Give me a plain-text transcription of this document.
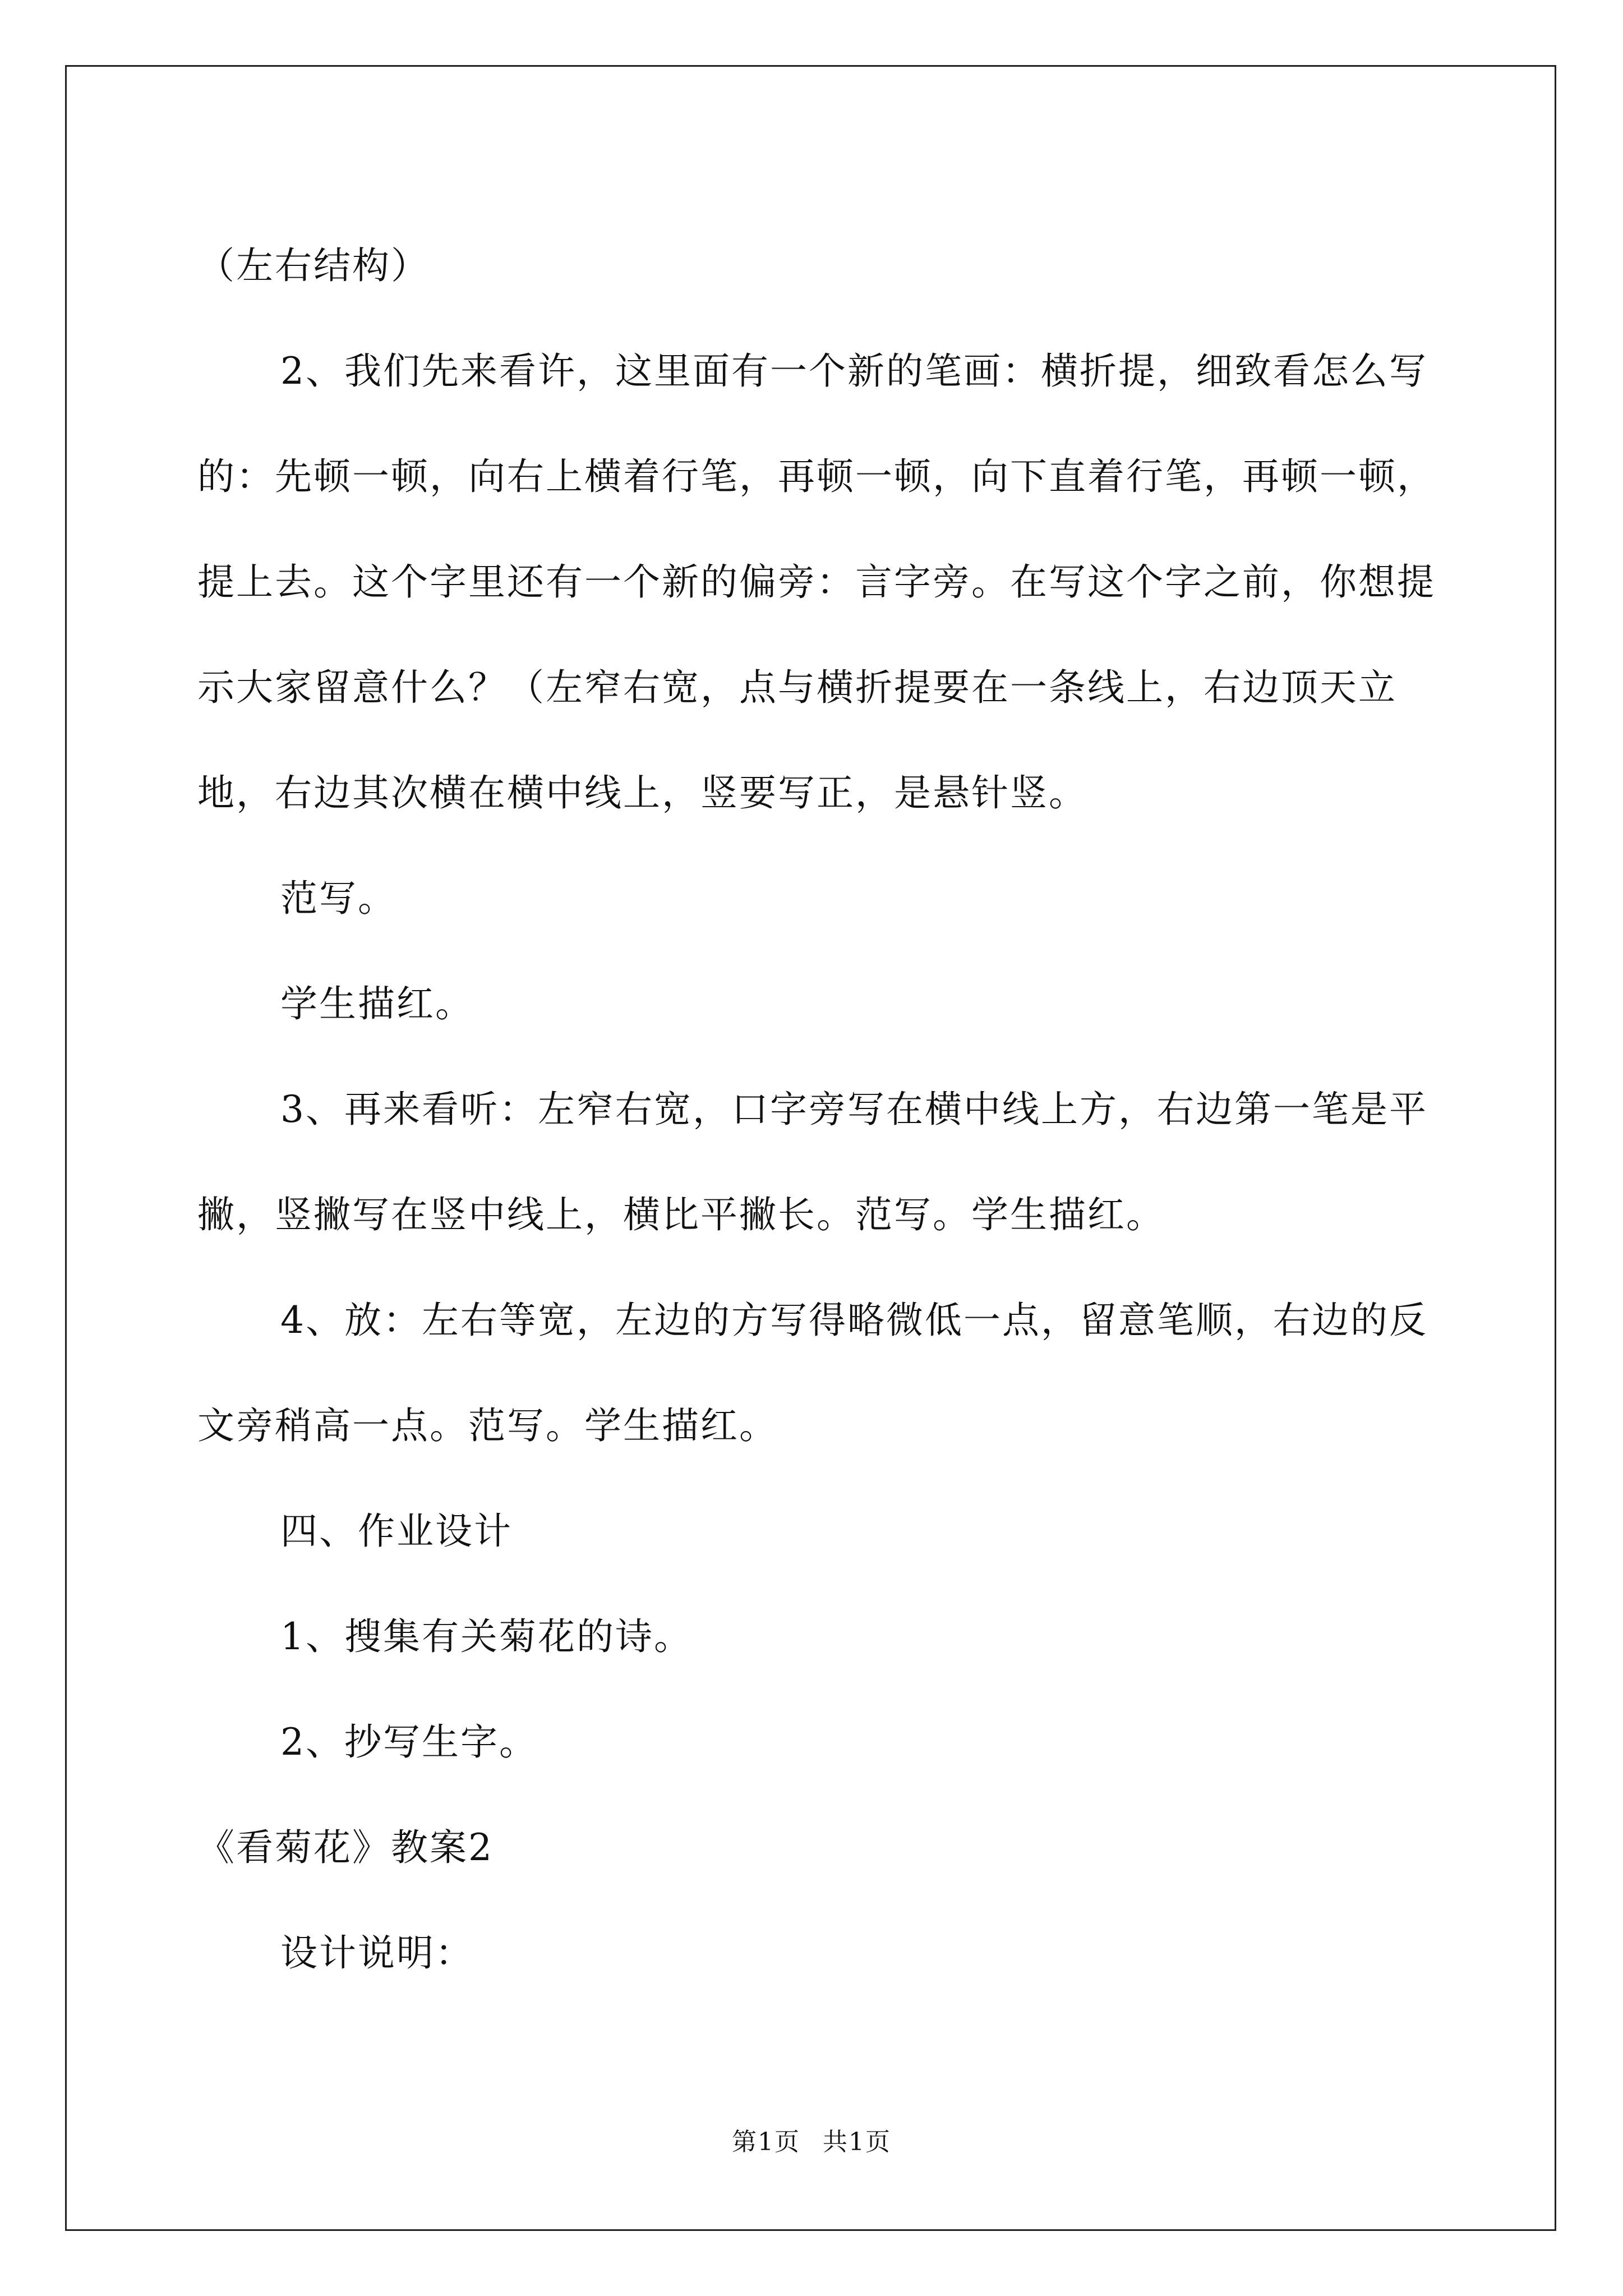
（左右结构）

2、我们先来看许，这里面有一个新的笔画：横折提，细致看怎么写的：先顿一顿，向右上横着行笔，再顿一顿，向下直着行笔，再顿一顿，提上去。这个字里还有一个新的偏旁：言字旁。在写这个字之前，你想提示大家留意什么？（左窄右宽，点与横折提要在一条线上，右边顶天立地，右边其次横在横中线上，竖要写正，是悬针竖。

范写。

学生描红。

3、再来看听：左窄右宽，口字旁写在横中线上方，右边第一笔是平撇，竖撇写在竖中线上，横比平撇长。范写。学生描红。

4、放：左右等宽，左边的方写得略微低一点，留意笔顺，右边的反文旁稍高一点。范写。学生描红。

四、作业设计

1、搜集有关菊花的诗。

2、抄写生字。

《看菊花》教案2

设计说明：

第1页 共1页
